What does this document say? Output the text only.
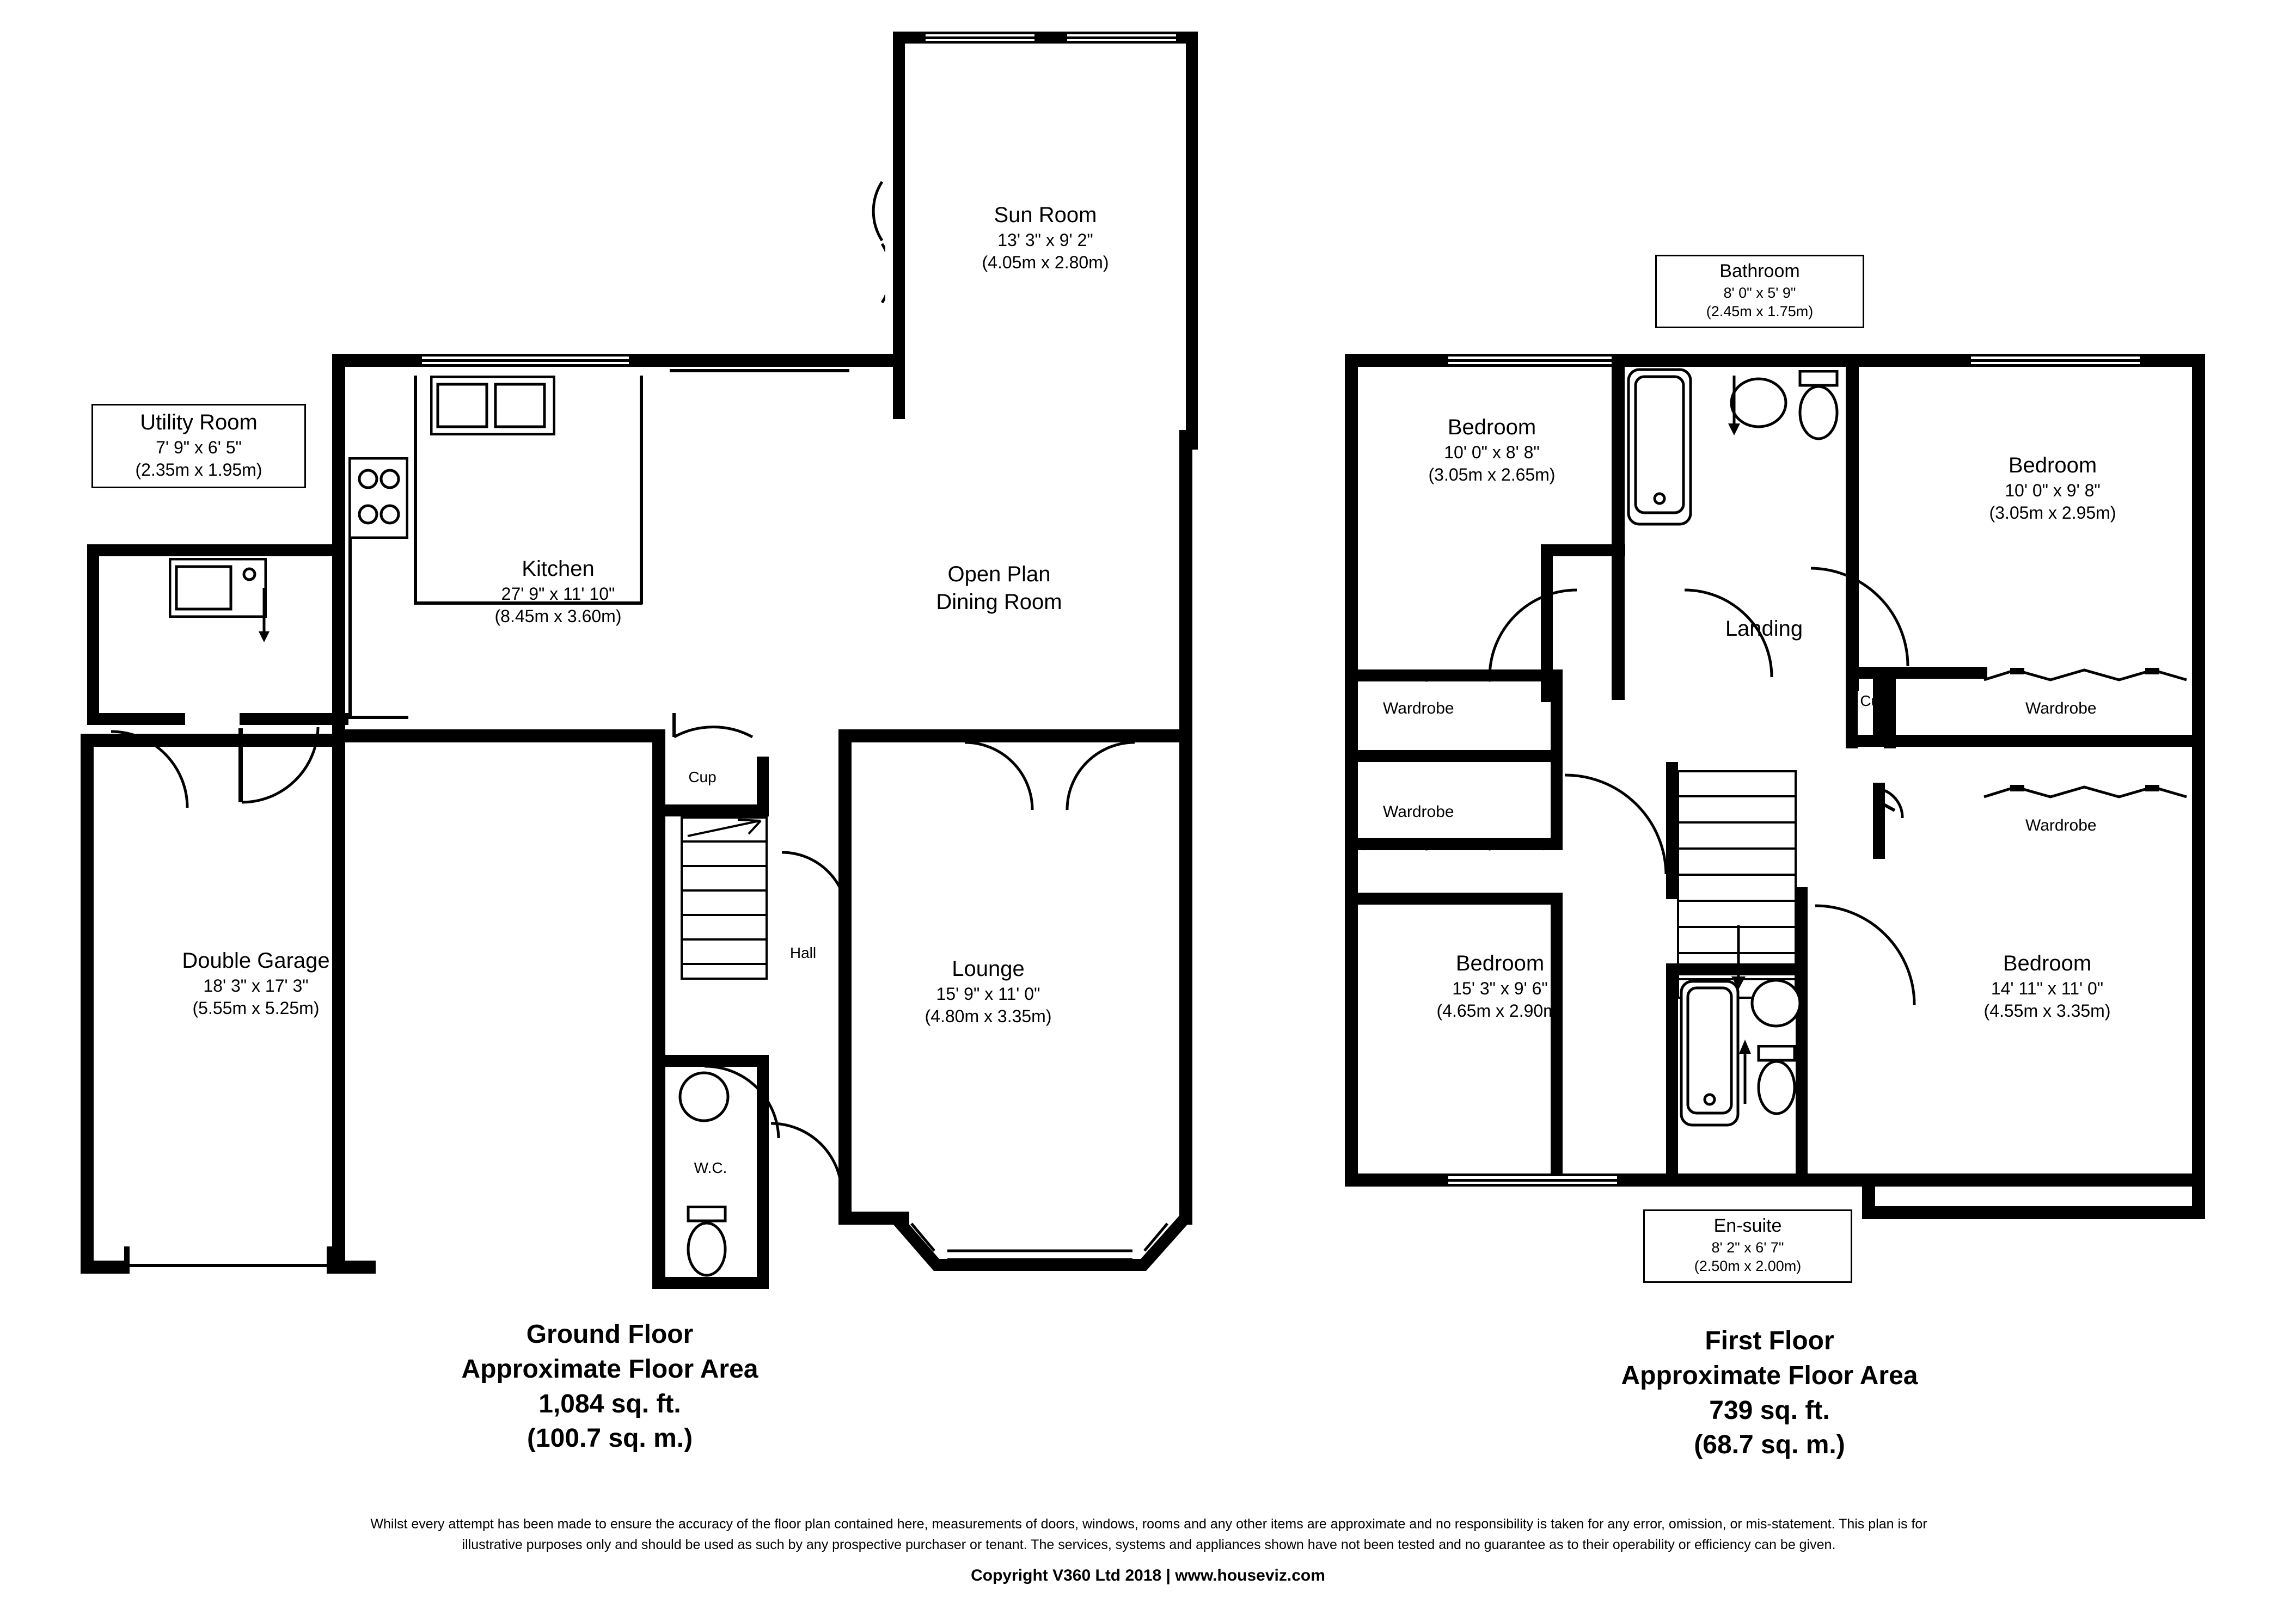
Sun Room
13' 3" x 9' 2"
(4.05m x 2.80m)
Utility Room
7' 9" x 6' 5"
(2.35m x 1.95m)
Kitchen
27' 9" x 11' 10"
(8.45m x 3.60m)
Open Plan
Dining Room
Double Garage
18' 3" x 17' 3"
(5.55m x 5.25m)
Lounge
15' 9" x 11' 0"
(4.80m x 3.35m)
Cup
Hall
W.C.
Ground Floor
Approximate Floor Area
1,084 sq. ft.
(100.7 sq. m.)
Bathroom
8' 0" x 5' 9"
(2.45m x 1.75m)
Bedroom
10' 0" x 8' 8"
(3.05m x 2.65m)	Bedroom
10' 0" x 9' 8"
(3.05m x 2.95m)
Landing
Bedroom
15' 3" x 9' 6"
(4.65m x 2.90m)
Bedroom
14' 11" x 11' 0"
(4.55m x 3.35m)
En-suite
8' 2" x 6' 7"
(2.50m x 2.00m)
Cup
Wardrobe
Wardrobe
Wardrobe
Wardrobe
First Floor
Approximate Floor Area
739 sq. ft.
(68.7 sq. m.)
Whilst every attempt has been made to ensure the accuracy of the floor plan contained here, measurements of doors, windows, rooms and any other items are approximate and no responsibility is taken for any error, omission, or mis-statement. This plan is for
illustrative purposes only and should be used as such by any prospective purchaser or tenant. The services, systems and appliances shown have not been tested and no guarantee as to their operability or efficiency can be given.
Copyright V360 Ltd 2018 | www.houseviz.com
